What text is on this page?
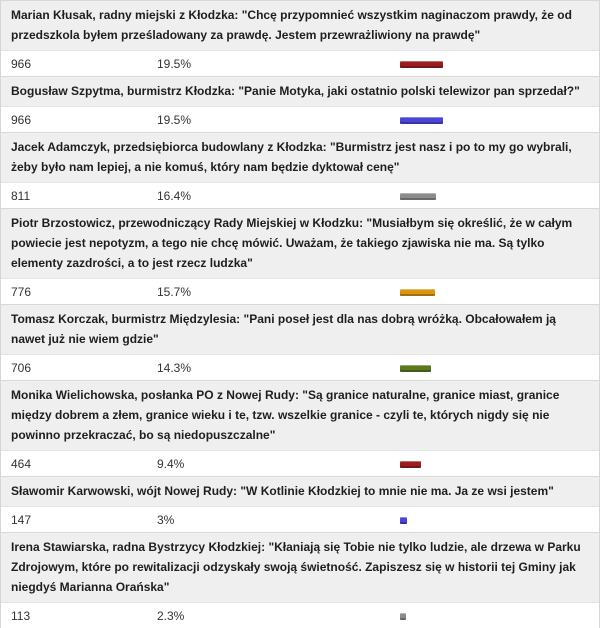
Marian Kłusak, radny miejski z Kłodzka: "Chcę przypomnieć wszystkim naginaczom prawdy, że od przedszkola byłem prześladowany za prawdę. Jestem przewrażliwiony na prawdę"
966	19.5%
Bogusław Szpytma, burmistrz Kłodzka: "Panie Motyka, jaki ostatnio polski telewizor pan sprzedał?"
966	19.5%
Jacek Adamczyk, przedsiębiorca budowlany z Kłodzka: "Burmistrz jest nasz i po to my go wybrali, żeby było nam lepiej, a nie komuś, który nam będzie dyktował cenę"
811	16.4%
Piotr Brzostowicz, przewodniczący Rady Miejskiej w Kłodzku: "Musiałbym się określić, że w całym powiecie jest nepotyzm, a tego nie chcę mówić. Uważam, że takiego zjawiska nie ma. Są tylko elementy zazdrości, a to jest rzecz ludzka"
776	15.7%
Tomasz Korczak, burmistrz Międzylesia: "Pani poseł jest dla nas dobrą wróżką. Obcałowałem ją nawet już nie wiem gdzie"
706	14.3%
Monika Wielichowska, posłanka PO z Nowej Rudy: "Są granice naturalne, granice miast, granice między dobrem a złem, granice wieku i te, tzw. wszelkie granice - czyli te, których nigdy się nie powinno przekraczać, bo są niedopuszczalne"
464	9.4%
Sławomir Karwowski, wójt Nowej Rudy: "W Kotlinie Kłodzkiej to mnie nie ma. Ja ze wsi jestem"
147	3%
Irena Stawiarska, radna Bystrzycy Kłodzkiej: "Kłaniają się Tobie nie tylko ludzie, ale drzewa w Parku Zdrojowym, które po rewitalizacji odzyskały swoją świetność. Zapiszesz się w historii tej Gminy jak niegdyś Marianna Orańska"
113	2.3%
